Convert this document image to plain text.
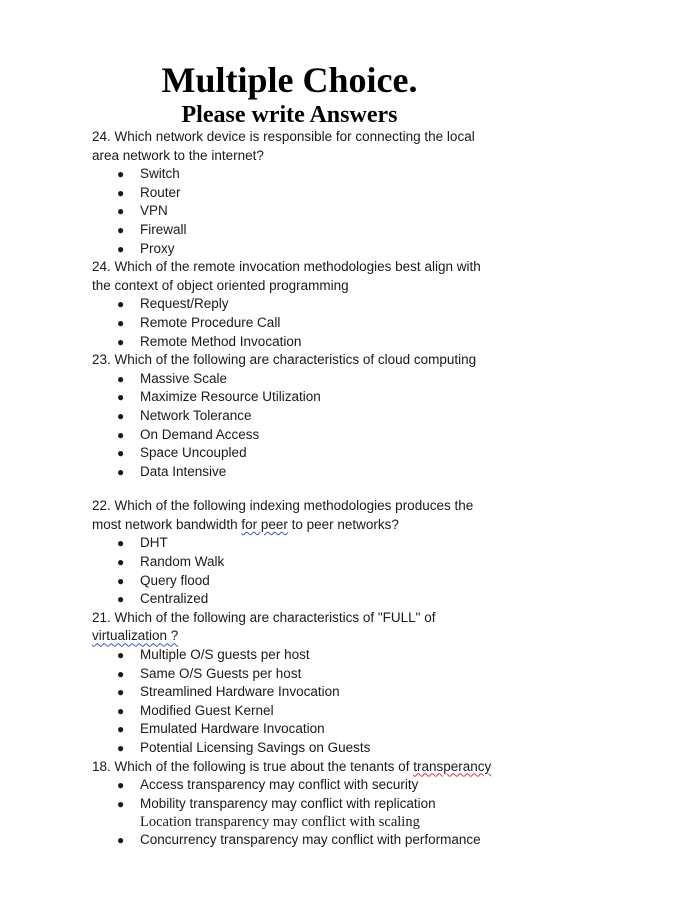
Multiple Choice.
Please write Answers

24. Which network device is responsible for connecting the local area network to the internet?

● Switch
● Router
● VPN
● Firewall
● Proxy

24. Which of the remote invocation methodologies best align with the context of object oriented programming

● Request/Reply
● Remote Procedure Call
● Remote Method Invocation

23. Which of the following are characteristics of cloud computing

● Massive Scale
● Maximize Resource Utilization
● Network Tolerance
● On Demand Access
● Space Uncoupled
● Data Intensive

22. Which of the following indexing methodologies produces the most network bandwidth for peer to peer networks?

● DHT
● Random Walk
● Query flood
● Centralized

21. Which of the following are characteristics of "FULL" of virtualization ?

● Multiple O/S guests per host
● Same O/S Guests per host
● Streamlined Hardware Invocation
● Modified Guest Kernel
● Emulated Hardware Invocation
● Potential Licensing Savings on Guests

18. Which of the following is true about the tenants of transperancy

● Access transparency may conflict with security
● Mobility transparency may conflict with replication
Location transparency may conflict with scaling
● Concurrency transparency may conflict with performance
